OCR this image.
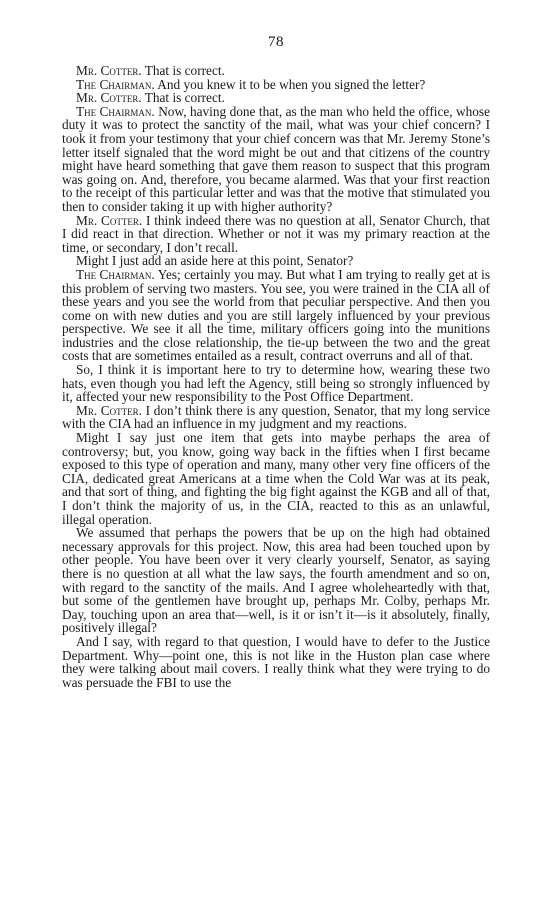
78

Mr. Cotter. That is correct.

The Chairman. And you knew it to be when you signed the letter?

Mr. Cotter. That is correct.

The Chairman. Now, having done that, as the man who held the office, whose duty it was to protect the sanctity of the mail, what was your chief concern? I took it from your testimony that your chief concern was that Mr. Jeremy Stone’s letter itself signaled that the word might be out and that citizens of the country might have heard something that gave them reason to suspect that this program was going on. And, therefore, you became alarmed. Was that your first reaction to the receipt of this particular letter and was that the motive that stimulated you then to consider taking it up with higher authority?

Mr. Cotter. I think indeed there was no question at all, Senator Church, that I did react in that direction. Whether or not it was my primary reaction at the time, or secondary, I don’t recall.

Might I just add an aside here at this point, Senator?

The Chairman. Yes; certainly you may. But what I am trying to really get at is this problem of serving two masters. You see, you were trained in the CIA all of these years and you see the world from that peculiar perspective. And then you come on with new duties and you are still largely influenced by your previous perspective. We see it all the time, military officers going into the munitions industries and the close relationship, the tie-up between the two and the great costs that are sometimes entailed as a result, contract overruns and all of that.

So, I think it is important here to try to determine how, wearing these two hats, even though you had left the Agency, still being so strongly influenced by it, affected your new responsibility to the Post Office Department.

Mr. Cotter. I don’t think there is any question, Senator, that my long service with the CIA had an influence in my judgment and my reactions.

Might I say just one item that gets into maybe perhaps the area of controversy; but, you know, going way back in the fifties when I first became exposed to this type of operation and many, many other very fine officers of the CIA, dedicated great Americans at a time when the Cold War was at its peak, and that sort of thing, and fighting the big fight against the KGB and all of that, I don’t think the majority of us, in the CIA, reacted to this as an unlawful, illegal operation.

We assumed that perhaps the powers that be up on the high had obtained necessary approvals for this project. Now, this area had been touched upon by other people. You have been over it very clearly yourself, Senator, as saying there is no question at all what the law says, the fourth amendment and so on, with regard to the sanctity of the mails. And I agree wholeheartedly with that, but some of the gentlemen have brought up, perhaps Mr. Colby, perhaps Mr. Day, touching upon an area that—well, is it or isn’t it—is it absolutely, finally, positively illegal?

And I say, with regard to that question, I would have to defer to the Justice Department. Why—point one, this is not like in the Huston plan case where they were talking about mail covers. I really think what they were trying to do was persuade the FBI to use the
